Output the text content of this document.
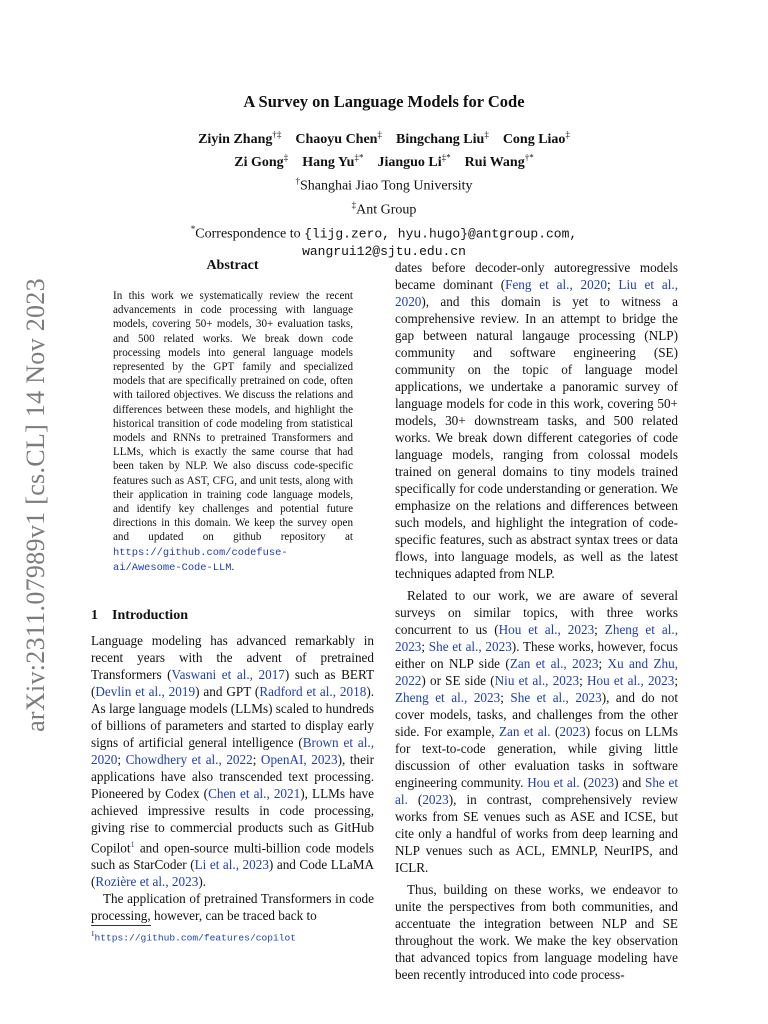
arXiv:2311.07989v1 [cs.CL] 14 Nov 2023
A Survey on Language Models for Code
Ziyin Zhang†‡ Chaoyu Chen‡ Bingchang Liu‡ Cong Liao‡
Zi Gong‡ Hang Yu‡* Jianguo Li‡* Rui Wang†*
†Shanghai Jiao Tong University
‡Ant Group
*Correspondence to {lijg.zero, hyu.hugo}@antgroup.com,
wangrui12@sjtu.edu.cn
Abstract
In this work we systematically review the recent advancements in code processing with language models, covering 50+ models, 30+ evaluation tasks, and 500 related works. We break down code processing models into general language models represented by the GPT family and specialized models that are specifically pretrained on code, often with tailored objectives. We discuss the relations and differences between these models, and highlight the historical transition of code modeling from statistical models and RNNs to pretrained Transformers and LLMs, which is exactly the same course that had been taken by NLP. We also discuss code-specific features such as AST, CFG, and unit tests, along with their application in training code language models, and identify key challenges and potential future directions in this domain. We keep the survey open and updated on github repository at https://github.com/codefuse-ai/Awesome-Code-LLM.
1 Introduction

Language modeling has advanced remarkably in recent years with the advent of pretrained Transformers (Vaswani et al., 2017) such as BERT (Devlin et al., 2019) and GPT (Radford et al., 2018). As large language models (LLMs) scaled to hundreds of billions of parameters and started to display early signs of artificial general intelligence (Brown et al., 2020; Chowdhery et al., 2022; OpenAI, 2023), their applications have also transcended text processing. Pioneered by Codex (Chen et al., 2021), LLMs have achieved impressive results in code processing, giving rise to commercial products such as GitHub Copilot$^1$ and open-source multi-billion code models such as StarCoder (Li et al., 2023) and Code LLaMA (Rozière et al., 2023).

The application of pretrained Transformers in code processing, however, can be traced back to

dates before decoder-only autoregressive models became dominant (Feng et al., 2020; Liu et al., 2020), and this domain is yet to witness a comprehensive review. In an attempt to bridge the gap between natural langauge processing (NLP) community and software engineering (SE) community on the topic of language model applications, we undertake a panoramic survey of language models for code in this work, covering 50+ models, 30+ downstream tasks, and 500 related works. We break down different categories of code language models, ranging from colossal models trained on general domains to tiny models trained specifically for code understanding or generation. We emphasize on the relations and differences between such models, and highlight the integration of code-specific features, such as abstract syntax trees or data flows, into language models, as well as the latest techniques adapted from NLP.

Related to our work, we are aware of several surveys on similar topics, with three works concurrent to us (Hou et al., 2023; Zheng et al., 2023; She et al., 2023). These works, however, focus either on NLP side (Zan et al., 2023; Xu and Zhu, 2022) or SE side (Niu et al., 2023; Hou et al., 2023; Zheng et al., 2023; She et al., 2023), and do not cover models, tasks, and challenges from the other side. For example, Zan et al. (2023) focus on LLMs for text-to-code generation, while giving little discussion of other evaluation tasks in software engineering community. Hou et al. (2023) and She et al. (2023), in contrast, comprehensively review works from SE venues such as ASE and ICSE, but cite only a handful of works from deep learning and NLP venues such as ACL, EMNLP, NeurIPS, and ICLR.

Thus, building on these works, we endeavor to unite the perspectives from both communities, and accentuate the integration between NLP and SE throughout the work. We make the key observation that advanced topics from language modeling have been recently introduced into code process-

$^1$https://github.com/features/copilot
